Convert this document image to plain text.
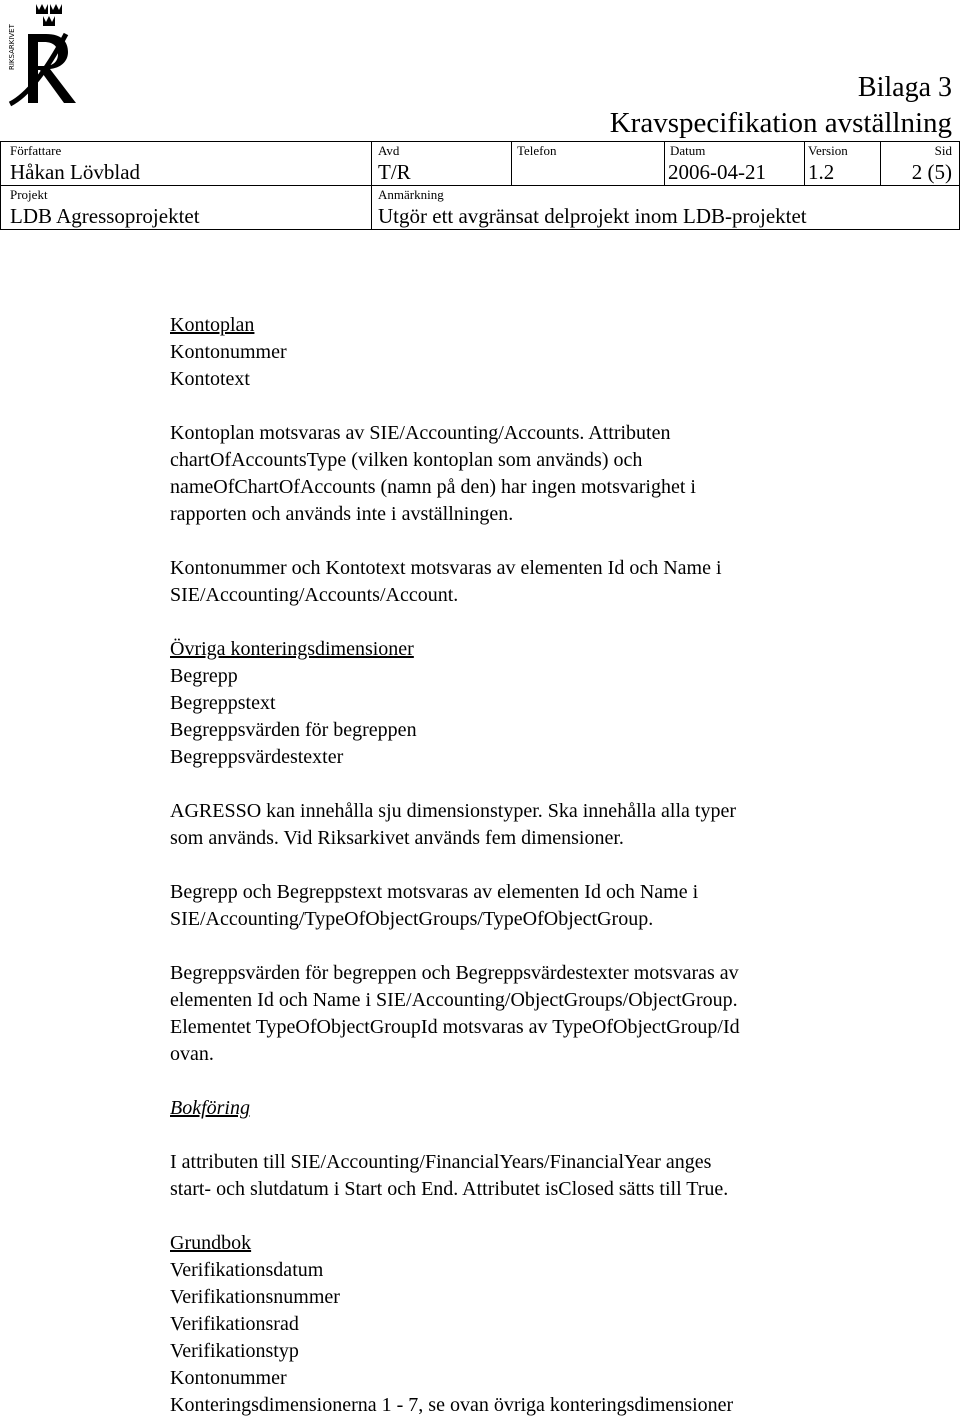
RIKSARKIVET
Bilaga 3
Kravspecifikation avställning
Författare
Håkan Lövblad
Avd
T/R
Telefon	Datum
2006-04-21
Version
1.2
Sid
2 (5)
Projekt
LDB Agressoprojektet
Anmärkning
Utgör ett avgränsat delprojekt inom LDB-projektet

Kontoplan

Kontonummer

Kontotext

Kontoplan motsvaras av SIE/Accounting/Accounts. Attributen

chartOfAccountsType (vilken kontoplan som används) och

nameOfChartOfAccounts (namn på den) har ingen motsvarighet i

rapporten och används inte i avställningen.

Kontonummer och Kontotext motsvaras av elementen Id och Name i

SIE/Accounting/Accounts/Account.

Övriga konteringsdimensioner

Begrepp

Begreppstext

Begreppsvärden för begreppen

Begreppsvärdestexter

AGRESSO kan innehålla sju dimensionstyper. Ska innehålla alla typer

som används. Vid Riksarkivet används fem dimensioner.

Begrepp och Begreppstext motsvaras av elementen Id och Name i

SIE/Accounting/TypeOfObjectGroups/TypeOfObjectGroup.

Begreppsvärden för begreppen och Begreppsvärdestexter motsvaras av

elementen Id och Name i SIE/Accounting/ObjectGroups/ObjectGroup.

Elementet TypeOfObjectGroupId motsvaras av TypeOfObjectGroup/Id

ovan.

Bokföring

I attributen till SIE/Accounting/FinancialYears/FinancialYear anges

start- och slutdatum i Start och End. Attributet isClosed sätts till True.

Grundbok

Verifikationsdatum

Verifikationsnummer

Verifikationsrad

Verifikationstyp

Kontonummer

Konteringsdimensionerna 1 - 7, se ovan övriga konteringsdimensioner
